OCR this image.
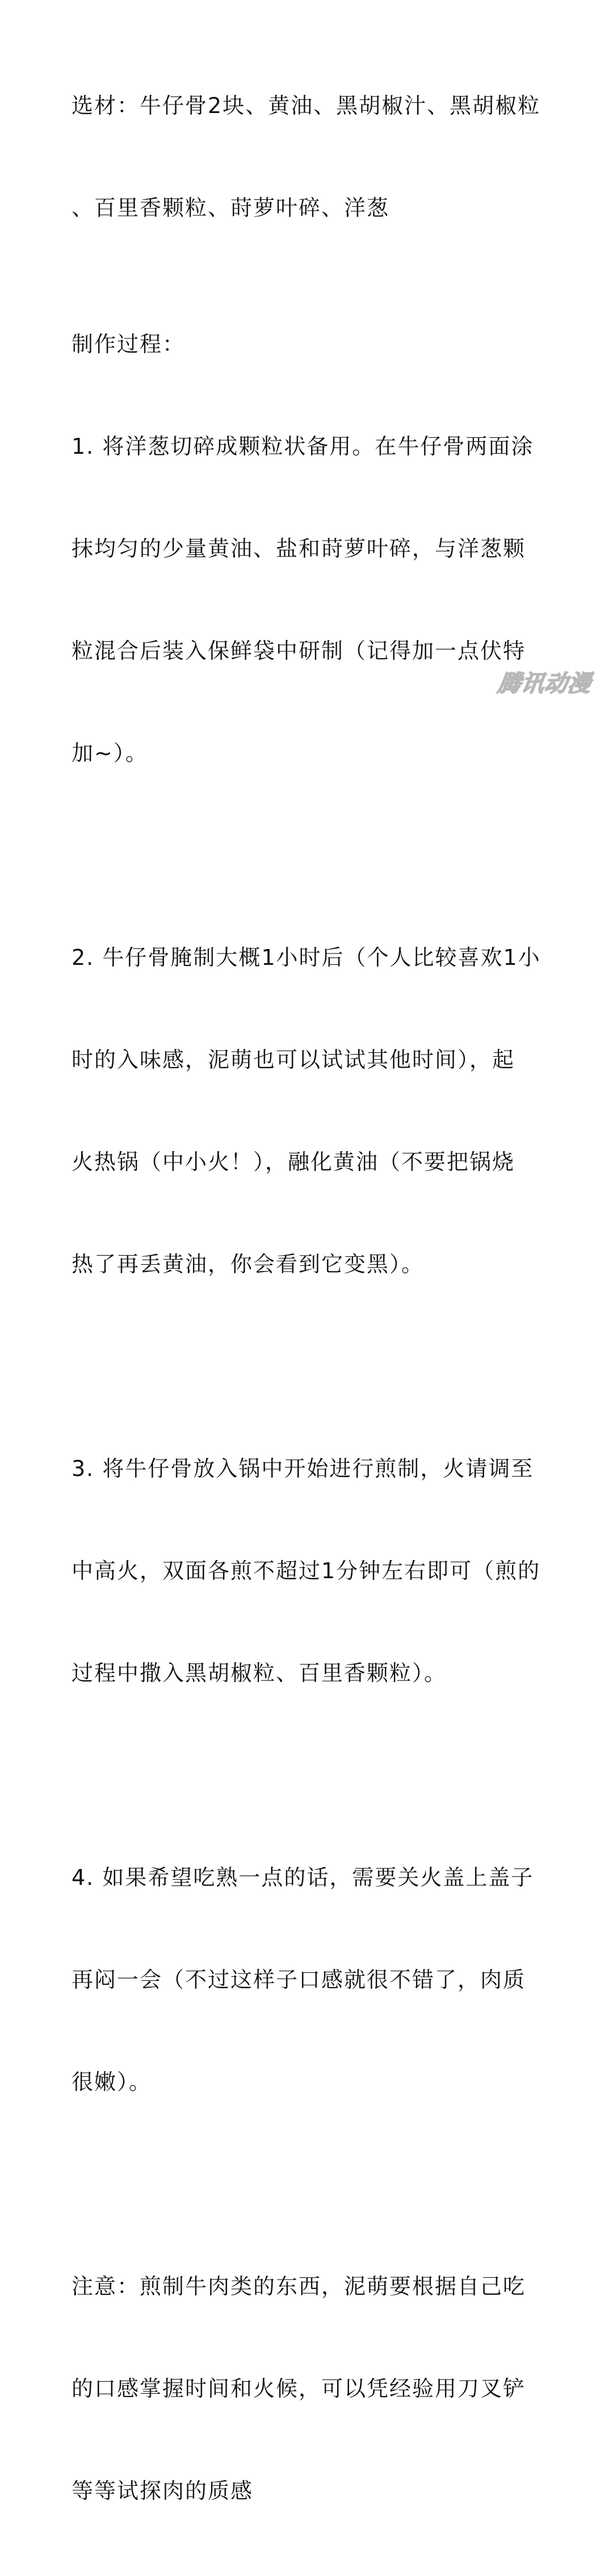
选材：牛仔骨2块、黄油、黑胡椒汁、黑胡椒粒

、百里香颗粒、莳萝叶碎、洋葱

制作过程：

1. 将洋葱切碎成颗粒状备用。在牛仔骨两面涂

抹均匀的少量黄油、盐和莳萝叶碎，与洋葱颗

粒混合后装入保鲜袋中研制（记得加一点伏特

加~）。

2. 牛仔骨腌制大概1小时后（个人比较喜欢1小

时的入味感，泥萌也可以试试其他时间），起

火热锅（中小火！），融化黄油（不要把锅烧

热了再丢黄油，你会看到它变黑）。

3. 将牛仔骨放入锅中开始进行煎制，火请调至

中高火，双面各煎不超过1分钟左右即可（煎的

过程中撒入黑胡椒粒、百里香颗粒）。

4. 如果希望吃熟一点的话，需要关火盖上盖子

再闷一会（不过这样子口感就很不错了，肉质

很嫩）。

注意：煎制牛肉类的东西，泥萌要根据自己吃

的口感掌握时间和火候，可以凭经验用刀叉铲

等等试探肉的质感

腾讯动漫
